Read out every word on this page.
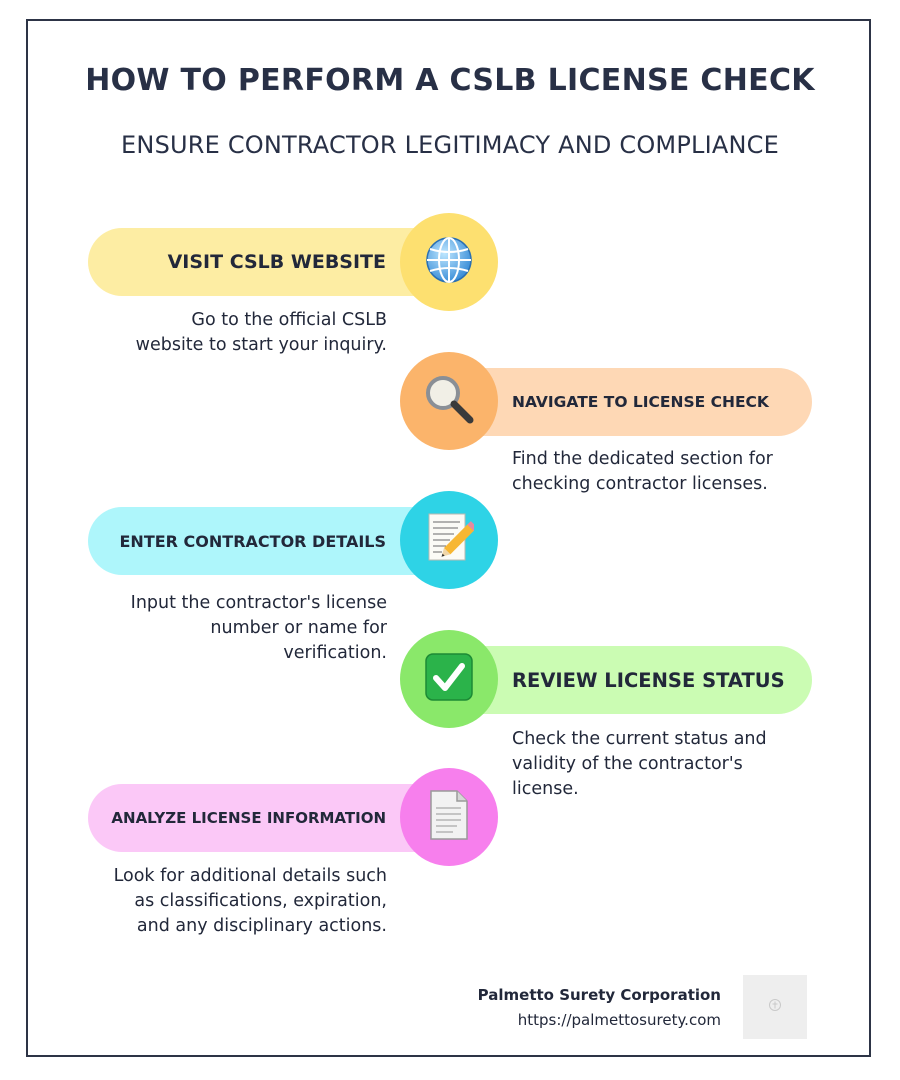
HOW TO PERFORM A CSLB LICENSE CHECK
ENSURE CONTRACTOR LEGITIMACY AND COMPLIANCE
VISIT CSLB WEBSITE
Go to the official CSLB
website to start your inquiry.
NAVIGATE TO LICENSE CHECK
Find the dedicated section for
checking contractor licenses.
ENTER CONTRACTOR DETAILS
Input the contractor's license
number or name for
verification.
REVIEW LICENSE STATUS
Check the current status and
validity of the contractor's
license.
ANALYZE LICENSE INFORMATION
Look for additional details such
as classifications, expiration,
and any disciplinary actions.
Palmetto Surety Corporation
https://palmettosurety.com
